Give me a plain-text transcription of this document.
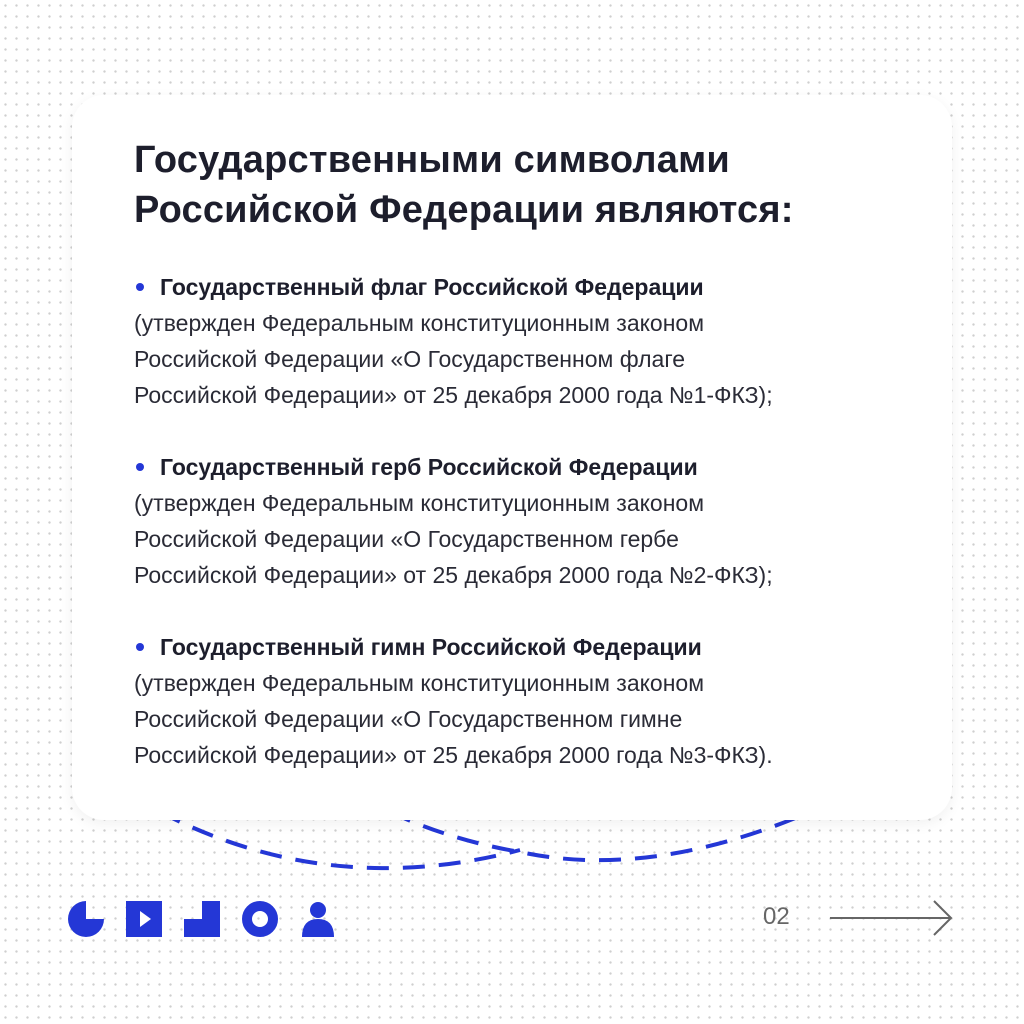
Государственными символами
Российской Федерации являются:
Государственный флаг Российской Федерации
(утвержден Федеральным конституционным законом
Российской Федерации «О Государственном флаге
Российской Федерации» от 25 декабря 2000 года №1-ФКЗ);
Государственный герб Российской Федерации
(утвержден Федеральным конституционным законом
Российской Федерации «О Государственном гербе
Российской Федерации» от 25 декабря 2000 года №2-ФКЗ);
Государственный гимн Российской Федерации
(утвержден Федеральным конституционным законом
Российской Федерации «О Государственном гимне
Российской Федерации» от 25 декабря 2000 года №3-ФКЗ).
02
